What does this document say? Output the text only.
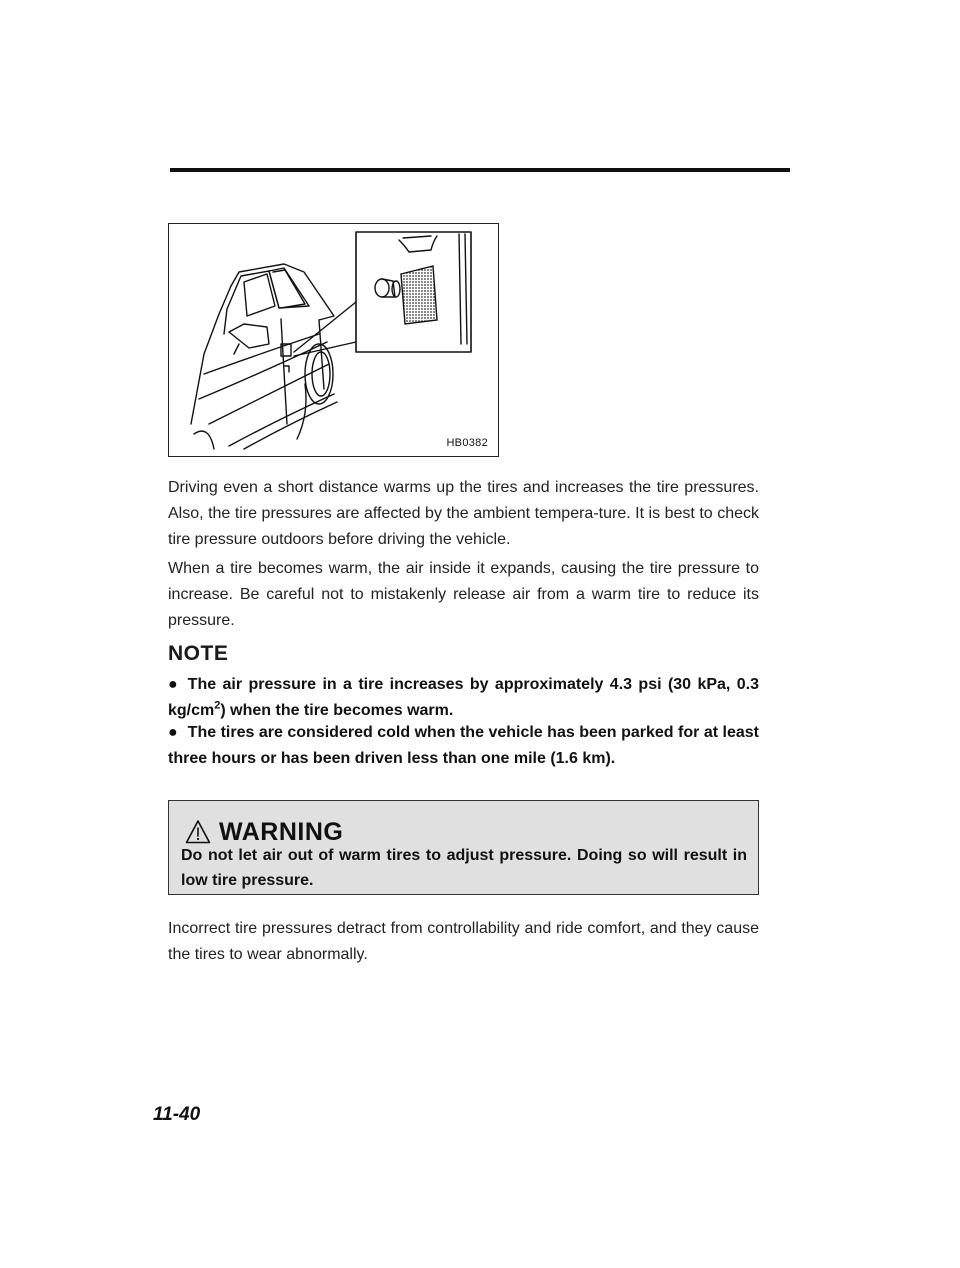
HB0382

Driving even a short distance warms up the tires and increases the tire pressures. Also, the tire pressures are affected by the ambient tempera-ture. It is best to check tire pressure outdoors before driving the vehicle.

When a tire becomes warm, the air inside it expands, causing the tire pressure to increase. Be careful not to mistakenly release air from a warm tire to reduce its pressure.

NOTE

● The air pressure in a tire increases by approximately 4.3 psi (30 kPa, 0.3 $kg/cm^2$) when the tire becomes warm.

● The tires are considered cold when the vehicle has been parked for at least three hours or has been driven less than one mile (1.6 km).

WARNING

Do not let air out of warm tires to adjust pressure. Doing so will result in low tire pressure.

Incorrect tire pressures detract from controllability and ride comfort, and they cause the tires to wear abnormally.

11-40
